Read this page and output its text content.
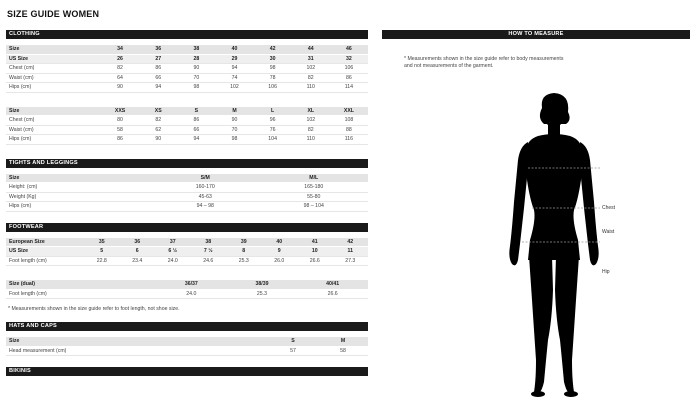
SIZE GUIDE WOMEN
CLOTHING
Size	34	36	38	40	42	44	46
US Size	26	27	28	29	30	31	32
Chest (cm)	82	86	90	94	98	102	106
Waist (cm)	64	66	70	74	78	82	86
Hips (cm)	90	94	98	102	106	110	114
Size	XXS	XS	S	M	L	XL	XXL
Chest (cm)	80	82	86	90	96	102	108
Waist (cm)	58	62	66	70	76	82	88
Hips (cm)	86	90	94	98	104	110	116
TIGHTS AND LEGGINGS
Size	S/M	M/L
Height: (cm)	160-170	165-180
Weight (Kg)	45-63	55-80
Hips (cm)	94 – 98	98 – 104
FOOTWEAR
European Size	35	36	37	38	39	40	41	42
US Size	5	6	6 ½	7 ½	8	9	10	11
Foot length (cm)	22.8	23.4	24.0	24.6	25.3	26.0	26.6	27.3
Size (dual)	36/37	38/39	40/41
Foot length (cm)	24.0	25.3	26.6
* Measurements shown in the size guide refer to foot length, not shoe size.
HATS AND CAPS
Size	S	M
Head measurement (cm)	57	58
BIKINIS
HOW TO MEASURE
* Measurements shown in the size guide refer to body measurements and not measurements of the garment.
Chest
Waist
Hip
